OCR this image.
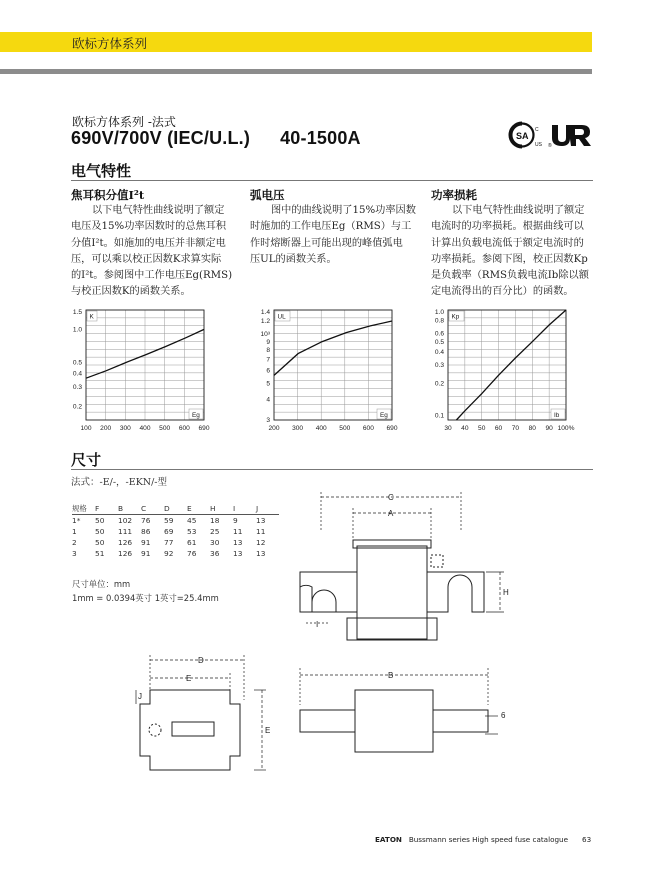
欧标方体系列
欧标方体系列 -法式
690V/700V (IEC/U.L.) 40-1500A	SA
C
US ®
电气特性
焦耳积分值I²t	弧电压	功率损耗
以下电气特性曲线说明了额定
电压及15%功率因数时的总焦耳积
分值I²t。如施加的电压并非额定电
压，可以乘以校正因数K求算实际
的I²t。参阅图中工作电压Eg(RMS)
与校正因数K的函数关系。
图中的曲线说明了15%功率因数
时施加的工作电压Eg（RMS）与工
作时熔断器上可能出现的峰值弧电
压UL的函数关系。
以下电气特性曲线说明了额定
电流时的功率损耗。根据曲线可以
计算出负载电流低于额定电流时的
功率损耗。参阅下图，校正因数Kp
是负载率（RMS负载电流Ib除以额
定电流得出的百分比）的函数。
100 200 300 400 500 600 690
1.5
1.0
0.5
0.4
0.3
0.2
K
Eg
200 300 400 500 600 690
1.4
1.2
10³
9
8
7
6
5
4
3
UL
Eg
30 40 50 60 70 80 90 100%
1.0
0.8
0.6
0.5
0.4
0.3
0.2
0.1
Kp
Ib
尺寸
法式：-E/-，-EKN/-型
规格	F	B	C	D	E	H	I	J
1*	50	102	76	59	45	18	9	13
1	50	111	86	69	53	25	11	11
2	50	126	91	77	61	30	13	12
3	51	126	91	92	76	36	13	13
尺寸单位：mm
1mm = 0.0394英寸 1英寸=25.4mm
C
A
H
I
D
E
E
J
B
6
EATON Bussmann series High speed fuse catalogue 63
